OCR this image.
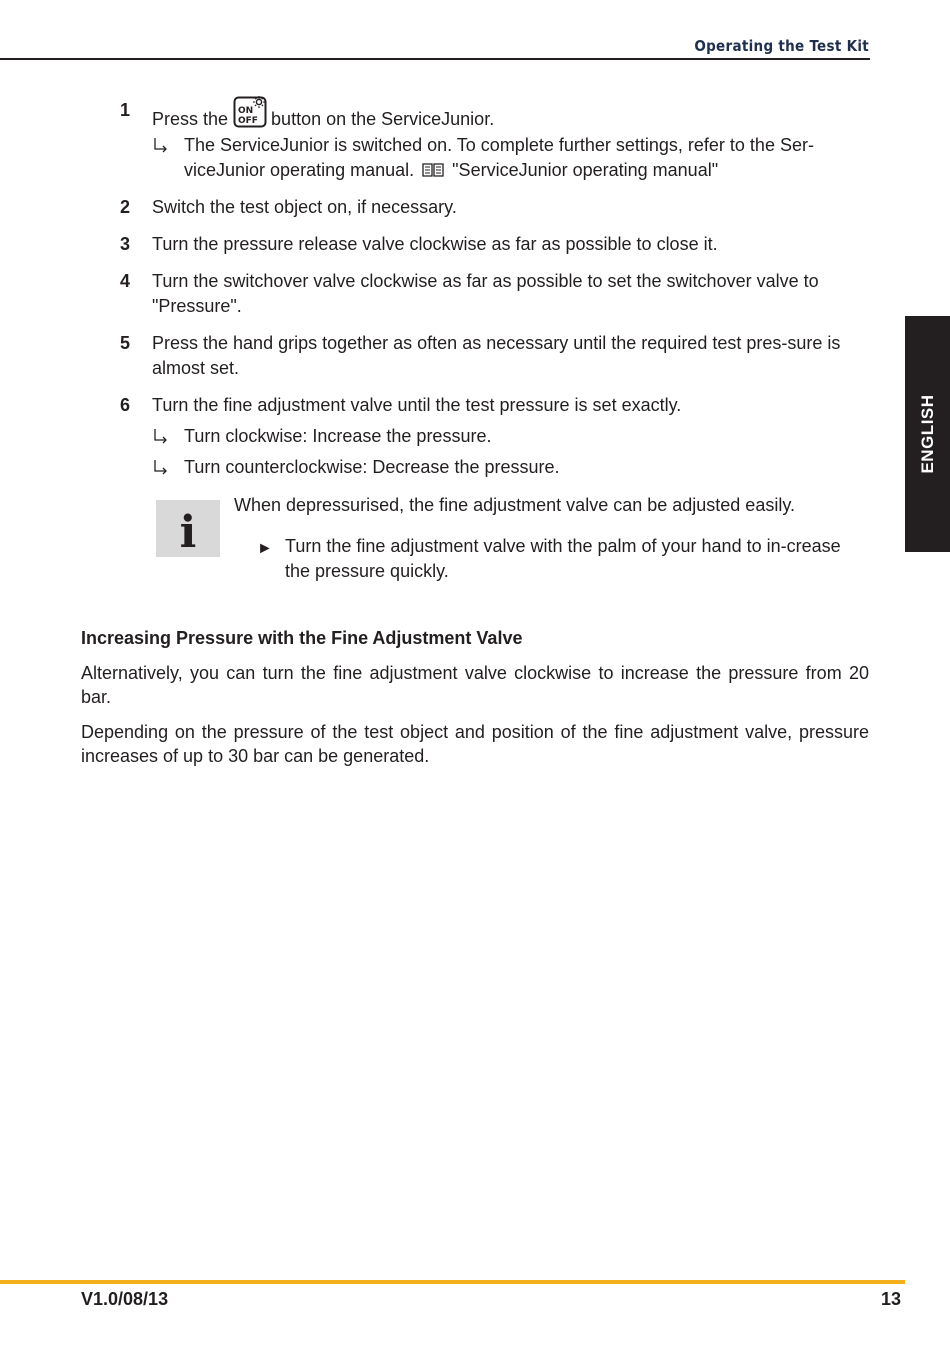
Operating the Test Kit
ENGLISH
1 Press the ON
OFF button on the ServiceJunior.
The ServiceJunior is switched on. To complete further settings, refer to the Ser-viceJunior operating manual. "ServiceJunior operating manual"
2 Switch the test object on, if necessary.
3 Turn the pressure release valve clockwise as far as possible to close it.
4 Turn the switchover valve clockwise as far as possible to set the switchover valve to "Pressure".
5 Press the hand grips together as often as necessary until the required test pres-sure is almost set.
6 Turn the fine adjustment valve until the test pressure is set exactly.
Turn clockwise: Increase the pressure.
Turn counterclockwise: Decrease the pressure.
i
When depressurised, the fine adjustment valve can be adjusted easily.
► Turn the fine adjustment valve with the palm of your hand to in-crease the pressure quickly.
Increasing Pressure with the Fine Adjustment Valve
Alternatively, you can turn the fine adjustment valve clockwise to increase the pressure from 20 bar.
Depending on the pressure of the test object and position of the fine adjustment valve, pressure increases of up to 30 bar can be generated.
V1.0/08/13	13
